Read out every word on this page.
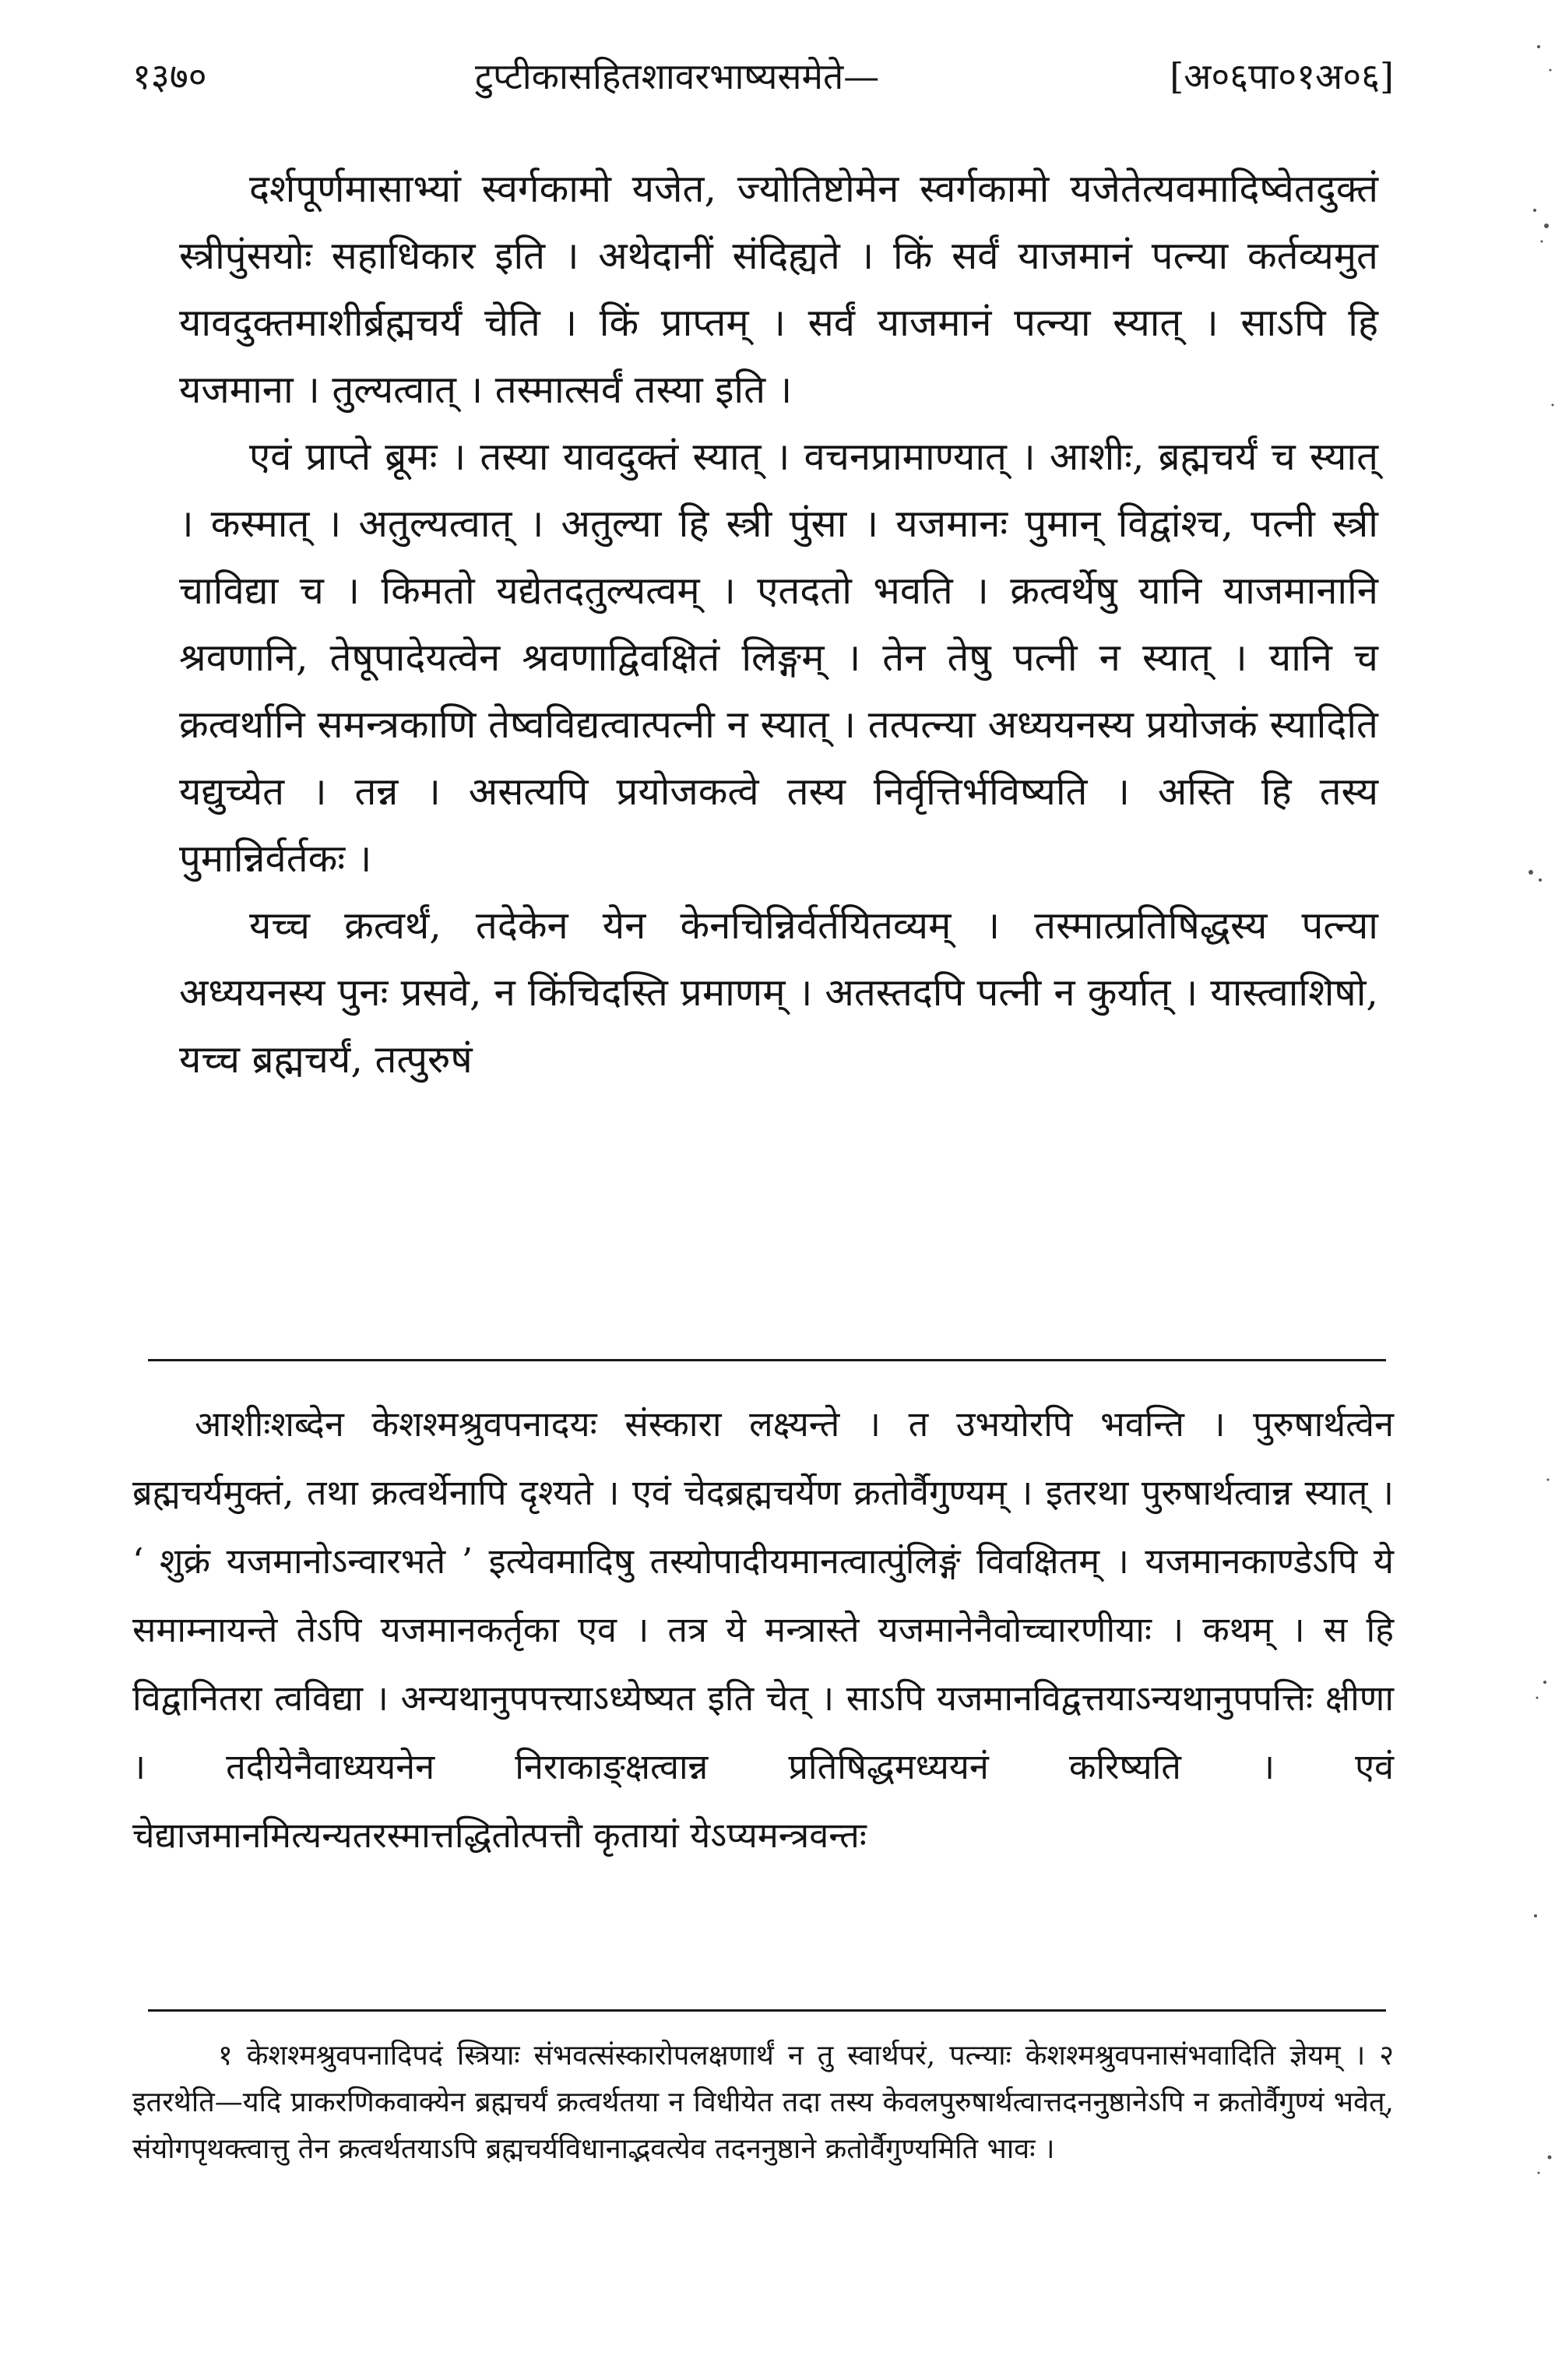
१३७०	टुप्टीकासहितशावरभाष्यसमेते—	[अ०६पा०१अ०६]

दर्शपूर्णमासाभ्यां स्वर्गकामो यजेत, ज्योतिष्टोमेन स्वर्गकामो यजेतेत्यवमादिष्वेतदुक्तं स्त्रीपुंसयोः सहाधिकार इति । अथेदानीं संदिह्यते । किं सर्वं याजमानं पत्न्या कर्तव्यमुत यावदुक्तमाशीर्ब्रह्मचर्यं चेति । किं प्राप्तम् । सर्वं याजमानं पत्न्या स्यात् । साऽपि हि यजमाना । तुल्यत्वात् । तस्मात्सर्वं तस्या इति ।

एवं प्राप्ते ब्रूमः । तस्या यावदुक्तं स्यात् । वचनप्रामाण्यात् । आशीः, ब्रह्मचर्यं च स्यात् । कस्मात् । अतुल्यत्वात् । अतुल्या हि स्त्री पुंसा । यजमानः पुमान् विद्वांश्च, पत्नी स्त्री चाविद्या च । किमतो यद्येतदतुल्यत्वम् । एतदतो भवति । क्रत्वर्थेषु यानि याजमानानि श्रवणानि, तेषूपादेयत्वेन श्रवणाद्विवक्षितं लिङ्गम् । तेन तेषु पत्नी न स्यात् । यानि च क्रत्वर्थानि समन्त्रकाणि तेष्वविद्यत्वात्पत्नी न स्यात् । तत्पत्न्या अध्ययनस्य प्रयोजकं स्यादिति यद्युच्येत । तन्न । असत्यपि प्रयोजकत्वे तस्य निर्वृत्तिर्भविष्यति । अस्ति हि तस्य पुमान्निर्वर्तकः ।

यच्च क्रत्वर्थं, तदेकेन येन केनचिन्निर्वर्तयितव्यम् । तस्मात्प्रतिषिद्धस्य पत्न्या अध्ययनस्य पुनः प्रसवे, न किंचिदस्ति प्रमाणम् । अतस्तदपि पत्नी न कुर्यात् । यास्त्वाशिषो, यच्च ब्रह्मचर्यं, तत्पुरुषं

आशीःशब्देन केशश्मश्रुवपनादयः संस्कारा लक्ष्यन्ते । त उभयोरपि भवन्ति । पुरुषार्थत्वेन ब्रह्मचर्यमुक्तं, तथा क्रत्वर्थेनापि दृश्यते । एवं चेदब्रह्मचर्येण क्रतोर्वैगुण्यम् । इतरथा पुरुषार्थत्वान्न स्यात् । ‘ शुक्रं यजमानोऽन्वारभते ’ इत्येवमादिषु तस्योपादीयमानत्वात्पुंलिङ्गं विवक्षितम् । यजमानकाण्डेऽपि ये समाम्नायन्ते तेऽपि यजमानकर्तृका एव । तत्र ये मन्त्रास्ते यजमानेनैवोच्चारणीयाः । कथम् । स हि विद्वानितरा त्वविद्या । अन्यथानुपपत्त्याऽध्येष्यत इति चेत् । साऽपि यजमानविद्वत्तयाऽन्यथानुपपत्तिः क्षीणा । तदीयेनैवाध्ययनेन निराकाङ्क्षत्वान्न प्रतिषिद्धमध्ययनं करिष्यति । एवं चेद्याजमानमित्यन्यतरस्मात्तद्धितोत्पत्तौ कृतायां येऽप्यमन्त्रवन्तः

१ केशश्मश्रुवपनादिपदं स्त्रियाः संभवत्संस्कारोपलक्षणार्थं न तु स्वार्थपरं, पत्न्याः केशश्मश्रुवपनासंभवादिति ज्ञेयम् । २ इतरथेति—यदि प्राकरणिकवाक्येन ब्रह्मचर्यं क्रत्वर्थतया न विधीयेत तदा तस्य केवलपुरुषार्थत्वात्तदननुष्ठानेऽपि न क्रतोर्वैगुण्यं भवेत्, संयोगपृथक्त्वात्तु तेन क्रत्वर्थतयाऽपि ब्रह्मचर्यविधानाद्भवत्येव तदननुष्ठाने क्रतोर्वैगुण्यमिति भावः ।
